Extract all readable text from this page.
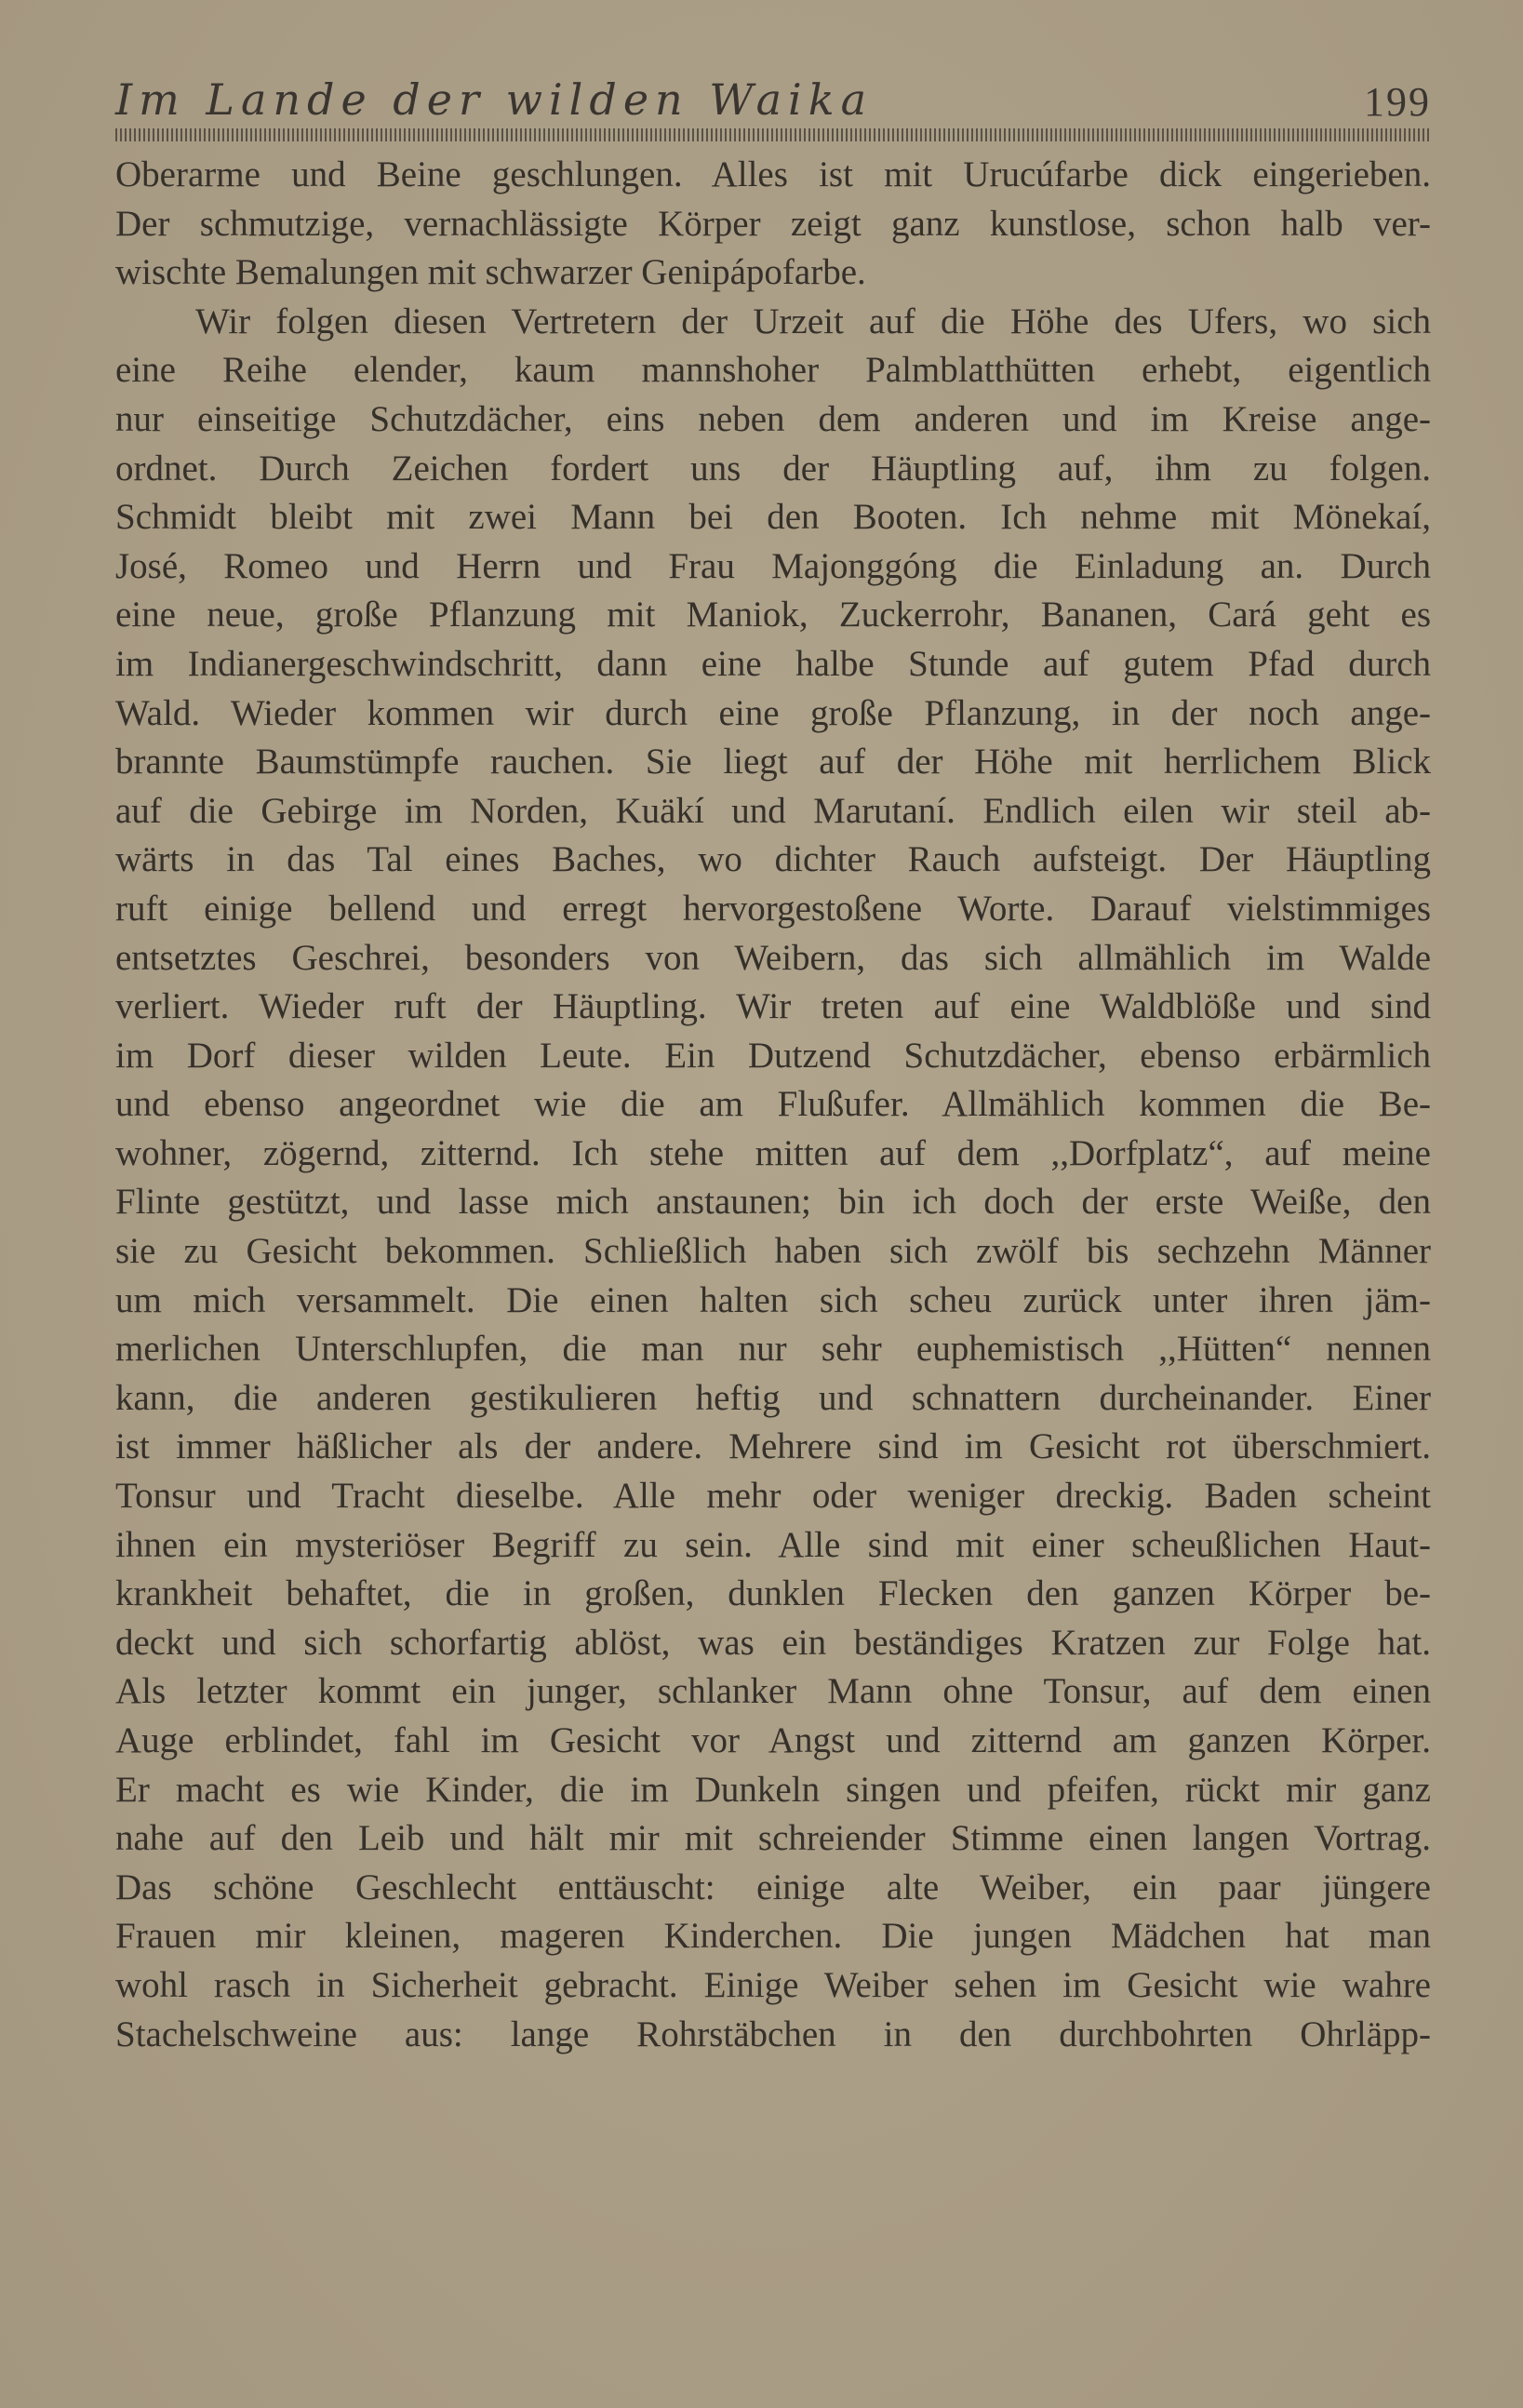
Im Lande der wilden Waika	199
Oberarme und Beine geschlungen. Alles ist mit Urucúfarbe dick eingerieben.
Der schmutzige, vernachlässigte Körper zeigt ganz kunstlose, schon halb ver-
wischte Bemalungen mit schwarzer Genipápofarbe.
Wir folgen diesen Vertretern der Urzeit auf die Höhe des Ufers, wo sich
eine Reihe elender, kaum mannshoher Palmblatthütten erhebt, eigentlich
nur einseitige Schutzdächer, eins neben dem anderen und im Kreise ange-
ordnet. Durch Zeichen fordert uns der Häuptling auf, ihm zu folgen.
Schmidt bleibt mit zwei Mann bei den Booten. Ich nehme mit Mönekaí,
José, Romeo und Herrn und Frau Majonggóng die Einladung an. Durch
eine neue, große Pflanzung mit Maniok, Zuckerrohr, Bananen, Cará geht es
im Indianergeschwindschritt, dann eine halbe Stunde auf gutem Pfad durch
Wald. Wieder kommen wir durch eine große Pflanzung, in der noch ange-
brannte Baumstümpfe rauchen. Sie liegt auf der Höhe mit herrlichem Blick
auf die Gebirge im Norden, Kuäkí und Marutaní. Endlich eilen wir steil ab-
wärts in das Tal eines Baches, wo dichter Rauch aufsteigt. Der Häuptling
ruft einige bellend und erregt hervorgestoßene Worte. Darauf vielstimmiges
entsetztes Geschrei, besonders von Weibern, das sich allmählich im Walde
verliert. Wieder ruft der Häuptling. Wir treten auf eine Waldblöße und sind
im Dorf dieser wilden Leute. Ein Dutzend Schutzdächer, ebenso erbärmlich
und ebenso angeordnet wie die am Flußufer. Allmählich kommen die Be-
wohner, zögernd, zitternd. Ich stehe mitten auf dem ,,Dorfplatz“, auf meine
Flinte gestützt, und lasse mich anstaunen; bin ich doch der erste Weiße, den
sie zu Gesicht bekommen. Schließlich haben sich zwölf bis sechzehn Männer
um mich versammelt. Die einen halten sich scheu zurück unter ihren jäm-
merlichen Unterschlupfen, die man nur sehr euphemistisch ,,Hütten“ nennen
kann, die anderen gestikulieren heftig und schnattern durcheinander. Einer
ist immer häßlicher als der andere. Mehrere sind im Gesicht rot überschmiert.
Tonsur und Tracht dieselbe. Alle mehr oder weniger dreckig. Baden scheint
ihnen ein mysteriöser Begriff zu sein. Alle sind mit einer scheußlichen Haut-
krankheit behaftet, die in großen, dunklen Flecken den ganzen Körper be-
deckt und sich schorfartig ablöst, was ein beständiges Kratzen zur Folge hat.
Als letzter kommt ein junger, schlanker Mann ohne Tonsur, auf dem einen
Auge erblindet, fahl im Gesicht vor Angst und zitternd am ganzen Körper.
Er macht es wie Kinder, die im Dunkeln singen und pfeifen, rückt mir ganz
nahe auf den Leib und hält mir mit schreiender Stimme einen langen Vortrag.
Das schöne Geschlecht enttäuscht: einige alte Weiber, ein paar jüngere
Frauen mir kleinen, mageren Kinderchen. Die jungen Mädchen hat man
wohl rasch in Sicherheit gebracht. Einige Weiber sehen im Gesicht wie wahre
Stachelschweine aus: lange Rohrstäbchen in den durchbohrten Ohrläpp-
